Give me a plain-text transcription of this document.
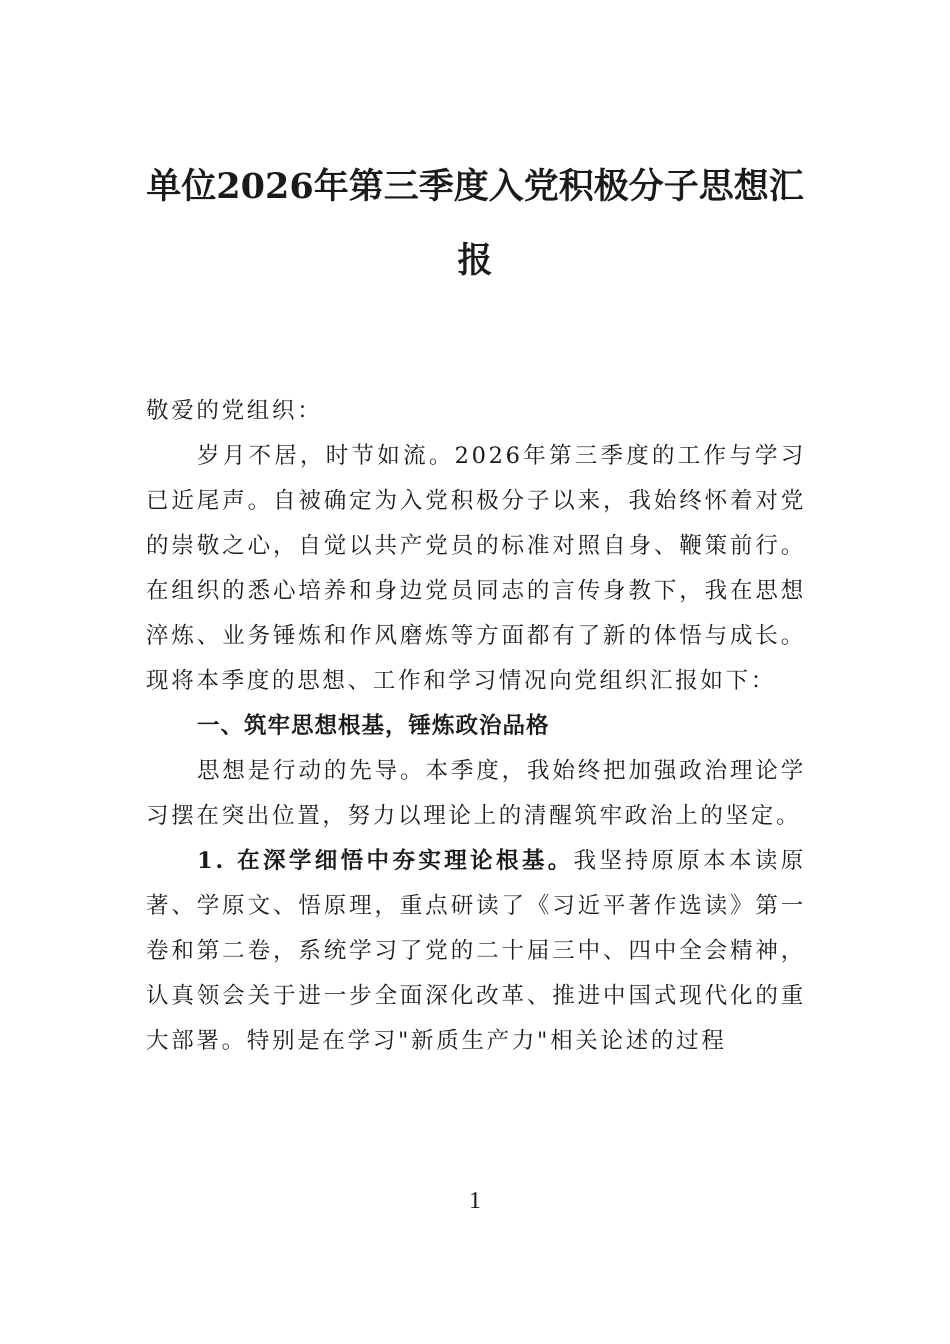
单位2026年第三季度入党积极分子思想汇
报

敬爱的党组织：

岁月不居，时节如流。2026年第三季度的工作与学习已近尾声。自被确定为入党积极分子以来，我始终怀着对党的崇敬之心，自觉以共产党员的标准对照自身、鞭策前行。在组织的悉心培养和身边党员同志的言传身教下，我在思想淬炼、业务锤炼和作风磨炼等方面都有了新的体悟与成长。现将本季度的思想、工作和学习情况向党组织汇报如下：

一、筑牢思想根基，锤炼政治品格

思想是行动的先导。本季度，我始终把加强政治理论学习摆在突出位置，努力以理论上的清醒筑牢政治上的坚定。

1. 在深学细悟中夯实理论根基。我坚持原原本本读原著、学原文、悟原理，重点研读了《习近平著作选读》第一卷和第二卷，系统学习了党的二十届三中、四中全会精神，认真领会关于进一步全面深化改革、推进中国式现代化的重大部署。特别是在学习"新质生产力"相关论述的过程

1
